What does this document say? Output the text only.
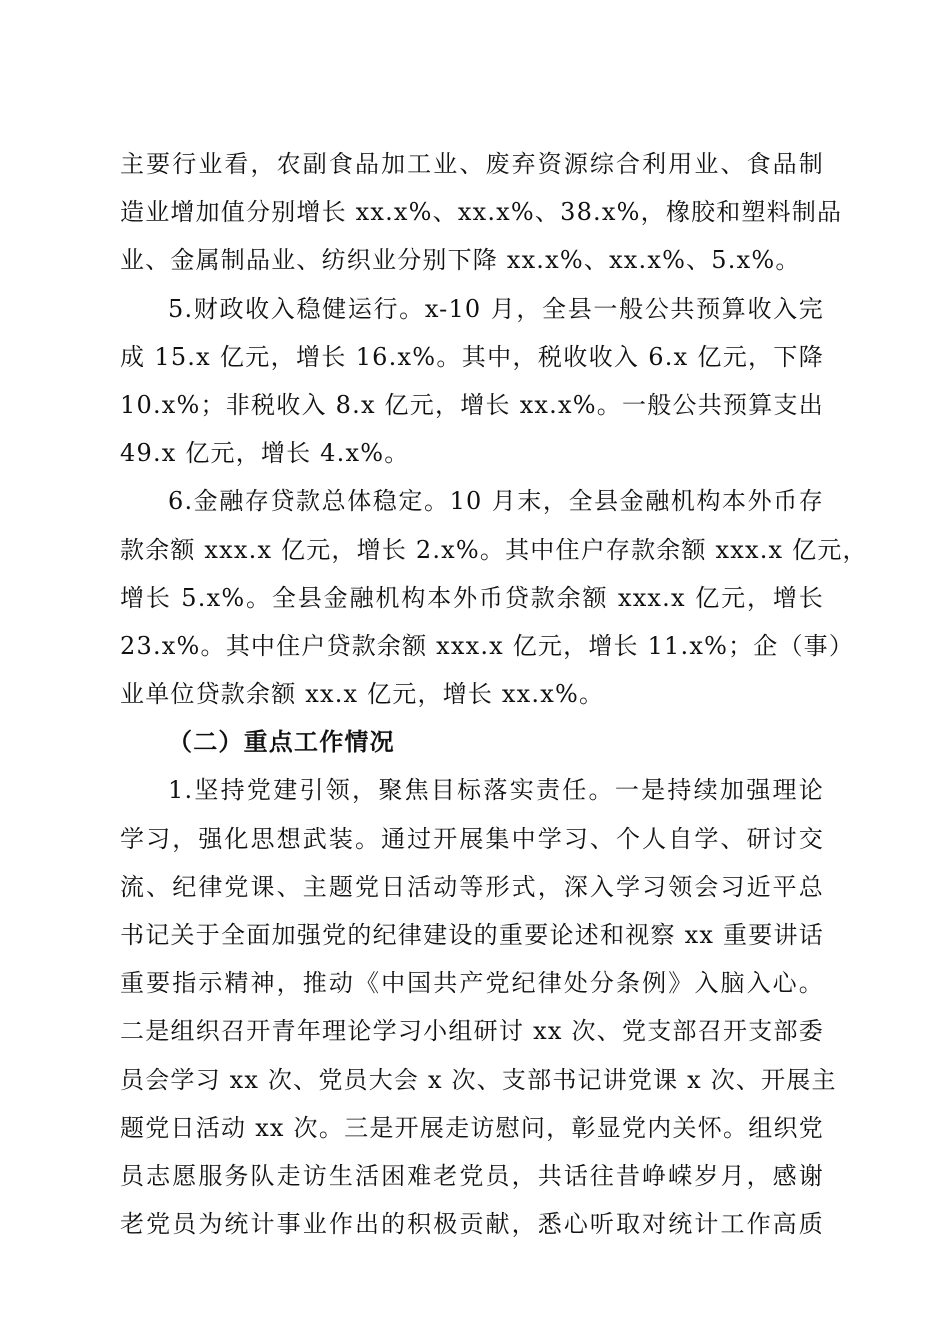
主要行业看，农副食品加工业、废弃资源综合利用业、食品制
造业增加值分别增长 xx.x%、xx.x%、38.x%，橡胶和塑料制品
业、金属制品业、纺织业分别下降 xx.x%、xx.x%、5.x%。
5.财政收入稳健运行。x-10 月，全县一般公共预算收入完
成 15.x 亿元，增长 16.x%。其中，税收收入 6.x 亿元，下降
10.x%；非税收入 8.x 亿元，增长 xx.x%。一般公共预算支出
49.x 亿元，增长 4.x%。
6.金融存贷款总体稳定。10 月末，全县金融机构本外币存
款余额 xxx.x 亿元，增长 2.x%。其中住户存款余额 xxx.x 亿元，
增长 5.x%。全县金融机构本外币贷款余额 xxx.x 亿元，增长
23.x%。其中住户贷款余额 xxx.x 亿元，增长 11.x%；企（事）
业单位贷款余额 xx.x 亿元，增长 xx.x%。
（二）重点工作情况
1.坚持党建引领，聚焦目标落实责任。一是持续加强理论
学习，强化思想武装。通过开展集中学习、个人自学、研讨交
流、纪律党课、主题党日活动等形式，深入学习领会习近平总
书记关于全面加强党的纪律建设的重要论述和视察 xx 重要讲话
重要指示精神，推动《中国共产党纪律处分条例》入脑入心。
二是组织召开青年理论学习小组研讨 xx 次、党支部召开支部委
员会学习 xx 次、党员大会 x 次、支部书记讲党课 x 次、开展主
题党日活动 xx 次。三是开展走访慰问，彰显党内关怀。组织党
员志愿服务队走访生活困难老党员，共话往昔峥嵘岁月，感谢
老党员为统计事业作出的积极贡献，悉心听取对统计工作高质
